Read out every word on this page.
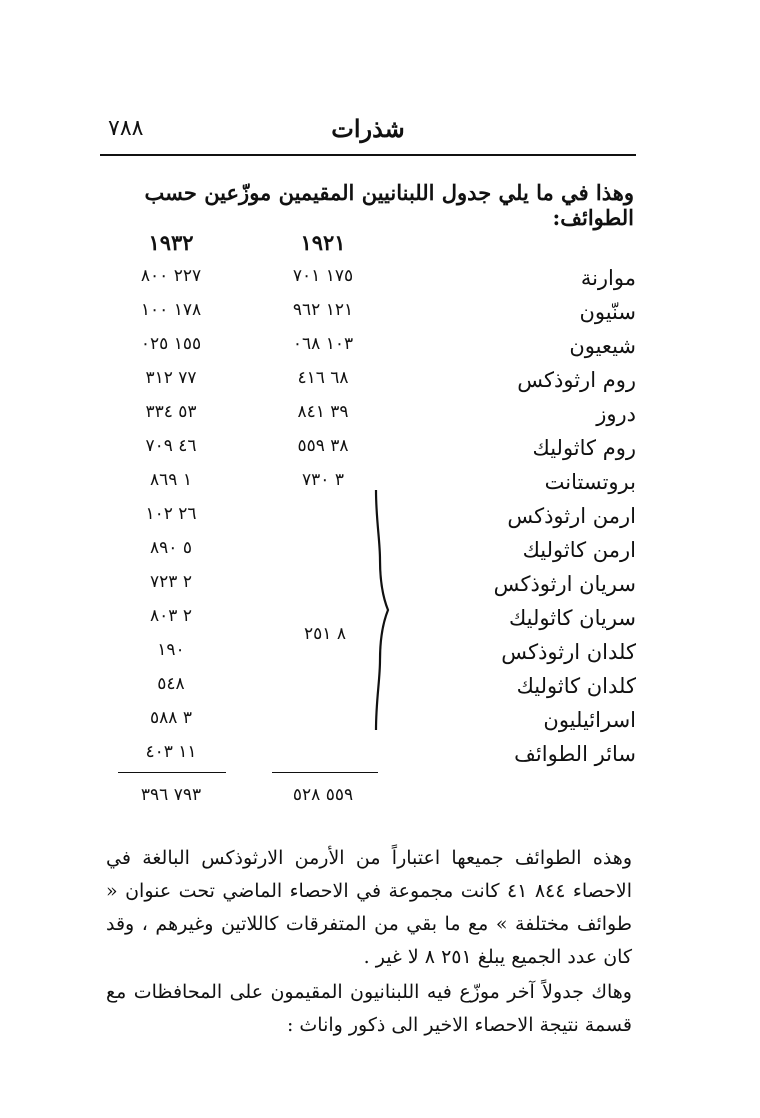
٧٨٨	شذرات
وهذا في ما يلي جدول اللبنانيين المقيمين موزّعين حسب الطوائف:
١٩٢١
١٩٣٢
موارنة
١٧٥ ٧٠١
٢٢٧ ٨٠٠
سنّيون
١٢١ ٩٦٢
١٧٨ ١٠٠
شيعيون
١٠٣ ٠٦٨
١٥٥ ٠٢٥
روم ارثوذكس
٦٨ ٤١٦
٧٧ ٣١٢
دروز
٣٩ ٨٤١
٥٣ ٣٣٤
روم كاثوليك
٣٨ ٥٥٩
٤٦ ٧٠٩
بروتستانت
٣ ٧٣٠
١ ٨٦٩
ارمن ارثوذكس
٢٦ ١٠٢
ارمن كاثوليك
٥ ٨٩٠
سريان ارثوذكس
٢ ٧٢٣
سريان كاثوليك
٢ ٨٠٣
كلدان ارثوذكس
١٩٠
كلدان كاثوليك
٥٤٨
اسرائيليون
٣ ٥٨٨
سائر الطوائف
١١ ٤٠٣
٨ ٢٥١
٥٥٩ ٥٢٨
٧٩٣ ٣٩٦
وهذه الطوائف جميعها اعتباراً من الأرمن الارثوذكس البالغة في الاحصاء ٨٤٤ ٤١ كانت مجموعة في الاحصاء الماضي تحت عنوان « طوائف مختلفة » مع ما بقي من المتفرقات كاللاتين وغيرهم ، وقد كان عدد الجميع يبلغ ٢٥١ ٨ لا غير .
وهاك جدولاً آخر موزّع فيه اللبنانيون المقيمون على المحافظات مع قسمة نتيجة الاحصاء الاخير الى ذكور واناث :
